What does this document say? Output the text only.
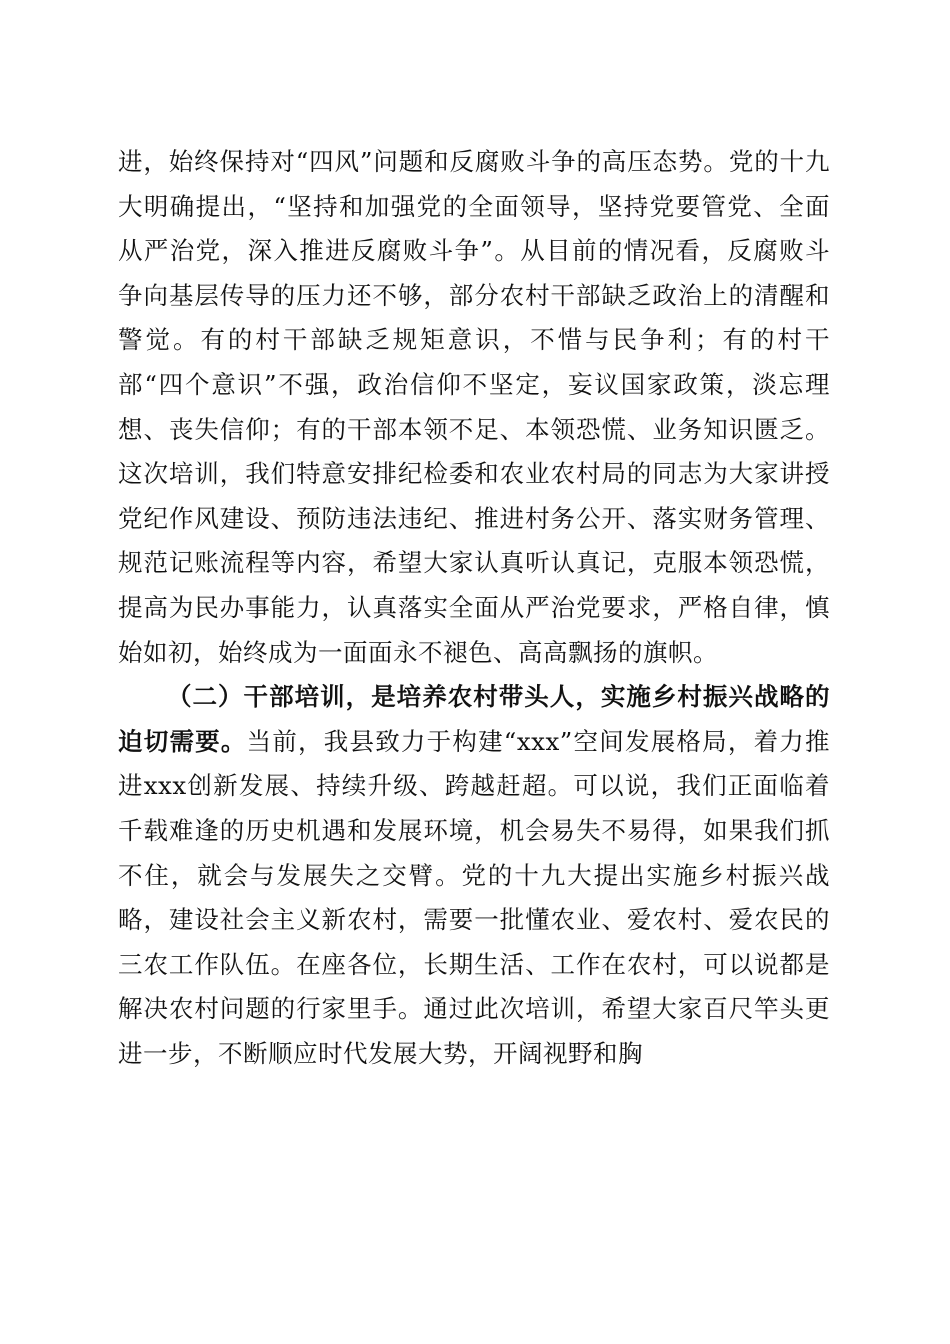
进，始终保持对“四风”问题和反腐败斗争的高压态势。党的十九大明确提出，“坚持和加强党的全面领导，坚持党要管党、全面从严治党，深入推进反腐败斗争”。从目前的情况看，反腐败斗争向基层传导的压力还不够，部分农村干部缺乏政治上的清醒和警觉。有的村干部缺乏规矩意识，不惜与民争利；有的村干部“四个意识”不强，政治信仰不坚定，妄议国家政策，淡忘理想、丧失信仰；有的干部本领不足、本领恐慌、业务知识匮乏。这次培训，我们特意安排纪检委和农业农村局的同志为大家讲授党纪作风建设、预防违法违纪、推进村务公开、落实财务管理、规范记账流程等内容，希望大家认真听认真记，克服本领恐慌，提高为民办事能力，认真落实全面从严治党要求，严格自律，慎始如初，始终成为一面面永不褪色、高高飘扬的旗帜。

（二）干部培训，是培养农村带头人，实施乡村振兴战略的迫切需要。当前，我县致力于构建“xxx”空间发展格局，着力推进xxx创新发展、持续升级、跨越赶超。可以说，我们正面临着千载难逢的历史机遇和发展环境，机会易失不易得，如果我们抓不住，就会与发展失之交臂。党的十九大提出实施乡村振兴战略，建设社会主义新农村，需要一批懂农业、爱农村、爱农民的三农工作队伍。在座各位，长期生活、工作在农村，可以说都是解决农村问题的行家里手。通过此次培训，希望大家百尺竿头更进一步，不断顺应时代发展大势，开阔视野和胸
